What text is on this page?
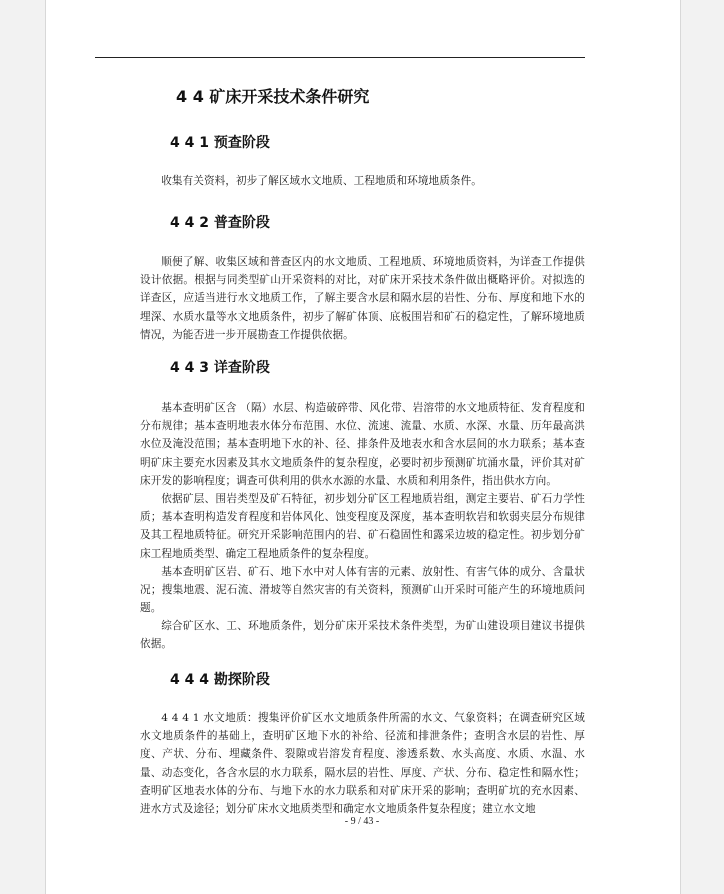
4 4 矿床开采技术条件研究
4 4 1 预查阶段

收集有关资料，初步了解区域水文地质、工程地质和环境地质条件。

4 4 2 普查阶段

顺便了解、收集区域和普查区内的水文地质、工程地质、环境地质资料，为详查工作提供设计依据。根据与同类型矿山开采资料的对比，对矿床开采技术条件做出概略评价。对拟选的详查区，应适当进行水文地质工作，了解主要含水层和隔水层的岩性、分布、厚度和地下水的埋深、水质水量等水文地质条件，初步了解矿体顶、底板围岩和矿石的稳定性，了解环境地质情况，为能否进一步开展勘查工作提供依据。

4 4 3 详查阶段

基本查明矿区含 （隔）水层、构造破碎带、风化带、岩溶带的水文地质特征、发育程度和分布规律；基本查明地表水体分布范围、水位、流速、流量、水质、水深、水量、历年最高洪水位及淹没范围；基本查明地下水的补、径、排条件及地表水和含水层间的水力联系；基本查明矿床主要充水因素及其水文地质条件的复杂程度，必要时初步预测矿坑涌水量，评价其对矿床开发的影响程度；调查可供利用的供水水源的水量、水质和利用条件，指出供水方向。

依据矿层、围岩类型及矿石特征，初步划分矿区工程地质岩组，测定主要岩、矿石力学性质；基本查明构造发育程度和岩体风化、蚀变程度及深度，基本查明软岩和软弱夹层分布规律及其工程地质特征。研究开采影响范围内的岩、矿石稳固性和露采边坡的稳定性。初步划分矿床工程地质类型、确定工程地质条件的复杂程度。

基本查明矿区岩、矿石、地下水中对人体有害的元素、放射性、有害气体的成分、含量状况；搜集地震、泥石流、滑坡等自然灾害的有关资料，预测矿山开采时可能产生的环境地质问题。

综合矿区水、工、环地质条件，划分矿床开采技术条件类型，为矿山建设项目建议书提供依据。

4 4 4 勘探阶段

4 4 4 1 水文地质：搜集评价矿区水文地质条件所需的水文、气象资料；在调查研究区域水文地质条件的基础上，查明矿区地下水的补给、径流和排泄条件；查明含水层的岩性、厚度、产状、分布、埋藏条件、裂隙或岩溶发育程度、渗透系数、水头高度、水质、水温、水量、动态变化，各含水层的水力联系，隔水层的岩性、厚度、产状、分布、稳定性和隔水性；查明矿区地表水体的分布、与地下水的水力联系和对矿床开采的影响；查明矿坑的充水因素、进水方式及途径；划分矿床水文地质类型和确定水文地质条件复杂程度；建立水文地

- 9 / 43 -
